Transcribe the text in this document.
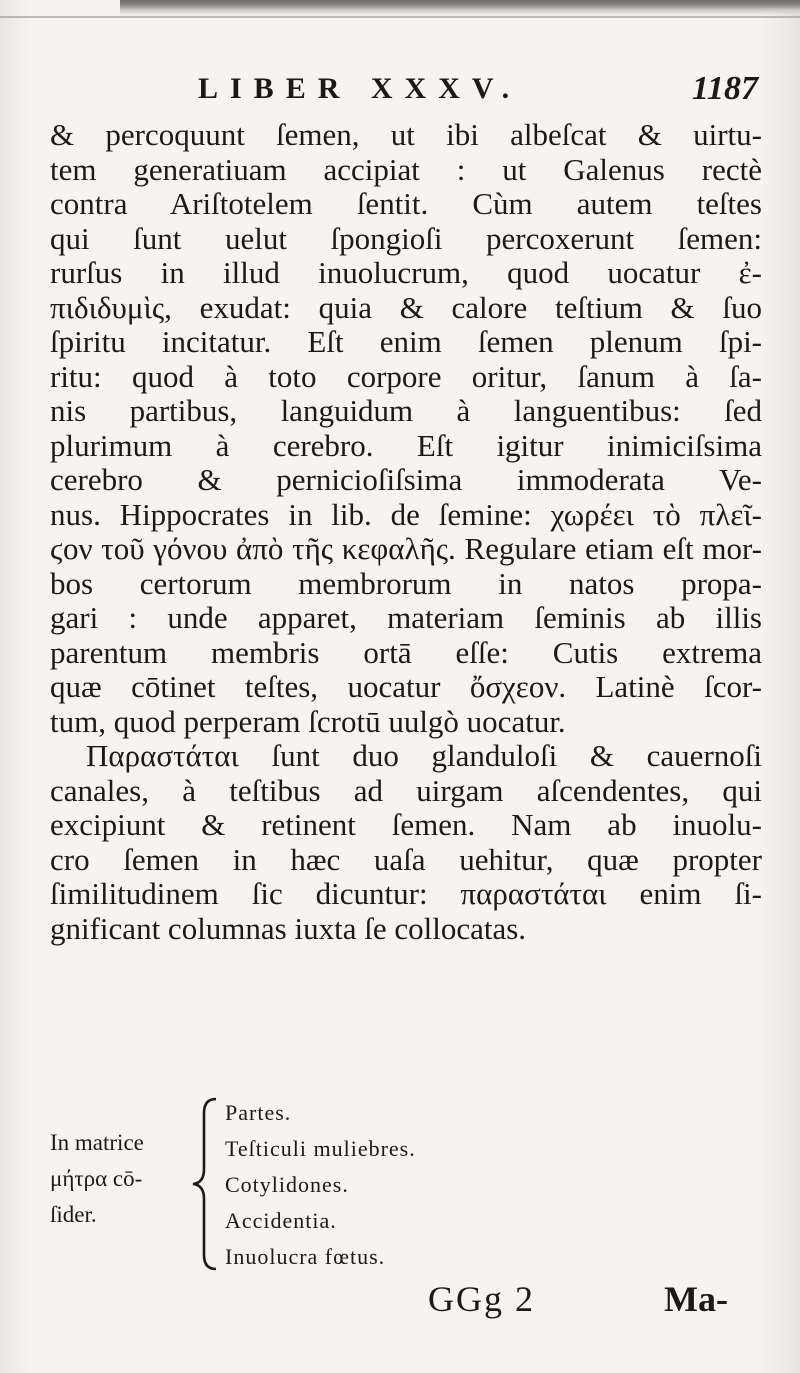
LIBER XXXV.	1187
& percoquunt ſemen, ut ibi albeſcat & uirtu-
tem generatiuam accipiat : ut Galenus rectè
contra Ariſtotelem ſentit. Cùm autem teſtes
qui ſunt uelut ſpongioſi percoxerunt ſemen:
rurſus in illud inuolucrum, quod uocatur ἐ-
πιδιδυμὶς, exudat: quia & calore teſtium & ſuo
ſpiritu incitatur. Eſt enim ſemen plenum ſpi-
ritu: quod à toto corpore oritur, ſanum à ſa-
nis partibus, languidum à languentibus: ſed
plurimum à cerebro. Eſt igitur inimiciſsima
cerebro & pernicioſiſsima immoderata Ve-
nus. Hippocrates in lib. de ſemine: χωρέει τὸ πλεῖ-
ϛον τοῦ γόνου ἀπὸ τῆς κεφαλῆς. Regulare etiam eſt mor-
bos certorum membrorum in natos propa-
gari : unde apparet, materiam ſeminis ab illis
parentum membris ortā eſſe: Cutis extrema
quæ cōtinet teſtes, uocatur ὄσχεον. Latinè ſcor-
tum, quod perperam ſcrotū uulgò uocatur.
Παραστάται ſunt duo glanduloſi & cauernoſi
canales, à teſtibus ad uirgam aſcendentes, qui
excipiunt & retinent ſemen. Nam ab inuolu-
cro ſemen in hæc uaſa uehitur, quæ propter
ſimilitudinem ſic dicuntur: παραστάται enim ſi-
gnificant columnas iuxta ſe collocatas.
In matrice
μήτρα cō-
ſider.
Partes.
Teſticuli muliebres.
Cotylidones.
Accidentia.
Inuolucra fœtus.
GGg 2	Ma-
